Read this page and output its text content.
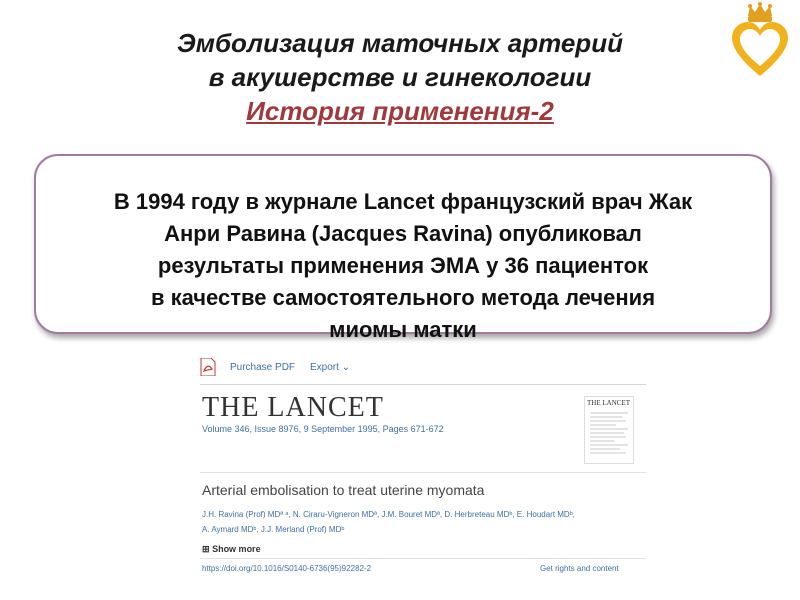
Эмболизация маточных артерий
в акушерстве и гинекологии
История применения-2
В 1994 году в журнале Lancet французский врач Жак
Анри Равина (Jacques Ravina) опубликовал
результаты применения ЭМА у 36 пациенток
в качестве самостоятельного метода лечения
миомы матки
Purchase PDF Export ⌄
THE LANCET
Volume 346, Issue 8976, 9 September 1995, Pages 671-672
THE LANCET
Arterial embolisation to treat uterine myomata
J.H. Ravina (Prof) MDª ᵃ, N. Ciraru-Vigneron MDª, J.M. Bouret MDª, D. Herbreteau MDᵇ, E. Houdart MDᵇ,
A. Aymard MDᵇ, J.J. Merland (Prof) MDᵇ
⊞ Show more
https://doi.org/10.1016/S0140-6736(95)92282-2	Get rights and content
